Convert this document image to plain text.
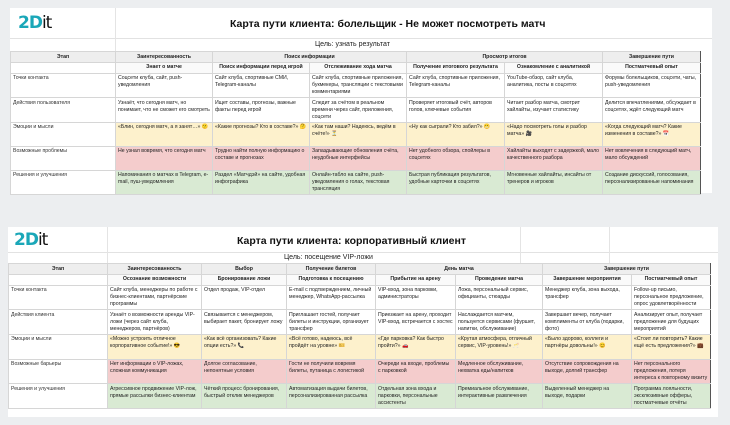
2Dit	Карта пути клиента: болельщик - Не может посмотреть матч
Цель: узнать результат
Этап	Заинтересованность	Поиск информации		Просмотр итогов		Завершение пути
	Знает о матче	Поиск информации перед игрой	Отслеживание хода матча	Получение итогового результата	Ознакомление с аналитикой	Постматчевый опыт
Точки контакта	Соцсети клуба, сайт, push-уведомления	Сайт клуба, спортивные СМИ, Telegram-каналы	Сайт клуба, спортивные приложения, букмекеры, трансляции с текстовыми комментариями	Сайт клуба, спортивные приложения, Telegram-каналы	YouTube-обзор, сайт клуба, аналитика, посты в соцсетях	Форумы болельщиков, соцсети, чаты, push-уведомления
Действия пользователя	Узнаёт, что сегодня матч, но понимает, что не сможет его смотреть	Ищет составы, прогнозы, важные факты перед игрой	Следит за счётом в реальном времени через сайт, приложения, соцсети	Проверяет итоговый счёт, авторов голов, ключевые события	Читает разбор матча, смотрит хайлайты, изучает статистику	Делится впечатлениями, обсуждает в соцсетях, ждёт следующий матч
Эмоции и мысли	«Блин, сегодня матч, а я занят…» 😕	«Какие прогнозы? Кто в составе?» 🤔	«Как там наши? Надеюсь, ведём в счёте!» ⏳	«Ну как сыграли? Кто забил?» 😬	«Надо посмотреть голы и разбор матча» 🎥	«Когда следующий матч? Какие изменения в составе?» 📅
Возможные проблемы	Не узнал вовремя, что сегодня матч	Трудно найти полную информацию о составе и прогнозах	Запаздывающие обновления счёта, неудобные интерфейсы	Нет удобного обзора, спойлеры в соцсетях	Хайлайты выходят с задержкой, мало качественного разбора	Нет вовлечения в следующий матч, мало обсуждений
Решения и улучшения	Напоминания о матчах в Telegram, e-mail, пуш-уведомления	Раздел «Матчдэй» на сайте, удобная инфографика	Онлайн-табло на сайте, push-уведомления о голах, текстовая трансляция	Быстрая публикация результатов, удобные карточки в соцсетях	Мгновенные хайлайты, инсайты от тренеров и игроков	Создание дискуссий, голосования, персонализированные напоминания
2Dit	Карта пути клиента: корпоративный клиент
Цель: посещение VIP-ложи
Этап	Заинтересованность	Выбор	Получение билетов	День матча		Завершение пути	
	Осознание возможности	Бронирование ложи	Подготовка к посещению	Прибытие на арену	Проведение матча	Завершение мероприятия	Постматчевый опыт
Точки контакта	Сайт клуба, менеджеры по работе с бизнес-клиентами, партнёрские программы	Отдел продаж, VIP-отдел	E-mail с подтверждением, личный менеджер, WhatsApp-рассылка	VIP-вход, зона парковки, администраторы	Ложа, персональный сервис, официанты, стюарды	Менеджер клуба, зона выхода, трансфер	Follow-up письмо, персональное предложение, опрос удовлетворённости
Действия клиента	Узнаёт о возможности аренды VIP-ложи (через сайт клуба, менеджеров, партнёров)	Связывается с менеджером, выбирает пакет, бронирует ложу	Приглашает гостей, получает билеты и инструкции, организует трансфер	Приезжает на арену, проходит VIP-вход, встречается с хостес	Наслаждается матчем, пользуется сервисами (фуршет, напитки, обслуживание)	Завершает вечер, получает комплименты от клуба (подарки, фото)	Анализирует опыт, получает предложение для будущих мероприятий
Эмоции и мысли	«Можно устроить отличное корпоративное событие!» 😎	«Как всё организовать? Какие опции есть?» 📞	«Всё готово, надеюсь, всё пройдёт на уровне» 🎫	«Где парковка? Как быстро пройти?» 🚗	«Крутая атмосфера, отличный сервис, VIP-уровень!» 🥂	«Было здорово, коллеги и партнёры довольны!» 😊	«Стоит ли повторить? Какие ещё есть предложения?» 💼
Возможные барьеры	Нет информации о VIP-ложах, сложная коммуникация	Долгое согласование, непонятные условия	Гости не получили вовремя билеты, путаница с логистикой	Очереди на входе, проблемы с парковкой	Медленное обслуживание, нехватка еды/напитков	Отсутствие сопровождения на выходе, долгий трансфер	Нет персонального предложения, потеря интереса к повторному визиту
Решения и улучшения	Агрессивное продвижение VIP-лож, прямые рассылки бизнес-клиентам	Чёткий процесс бронирования, быстрый отклик менеджеров	Автоматизация выдачи билетов, персонализированная рассылка	Отдельная зона входа и парковки, персональные ассистенты	Премиальное обслуживание, интерактивные развлечения	Выделенный менеджер на выходе, подарки	Программа лояльности, эксклюзивные офферы, постматчевые отчёты
